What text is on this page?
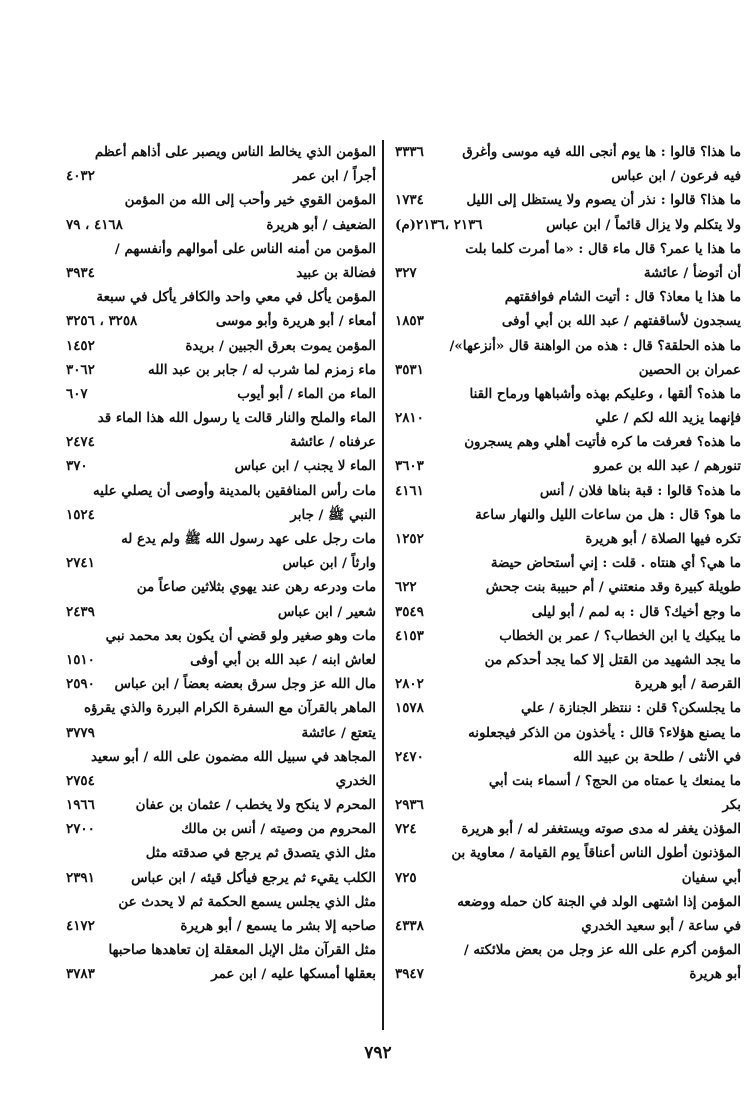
ما هذا؟ قالوا : ها يوم أنجى الله فيه موسى وأغرق
٣٣٣٦
فيه فرعون / ابن عباس
ما هذا؟ قالوا : نذر أن يصوم ولا يستظل إلى الليل
١٧٣٤
ولا يتكلم ولا يزال قائماً / ابن عباس
٢١٣٦ ،٢١٣٦(م)
ما هذا يا عمر؟ قال ماء قال : «ما أمرت كلما بلت
أن أتوضأ / عائشة
٣٢٧
ما هذا يا معاذ؟ قال : أتيت الشام فوافقتهم
يسجدون لأساقفتهم / عبد الله بن أبي أوفى
١٨٥٣
ما هذه الحلقة؟ قال : هذه من الواهنة قال «أنزعها»/
عمران بن الحصين
٣٥٣١
ما هذه؟ ألقها ، وعليكم بهذه وأشباهها ورماح القنا
فإنهما يزيد الله لكم / علي
٢٨١٠
ما هذه؟ فعرفت ما كره فأتيت أهلي وهم يسجرون
تنورهم / عبد الله بن عمرو
٣٦٠٣
ما هذه؟ قالوا : قبة بناها فلان / أنس
٤١٦١
ما هو؟ قال : هل من ساعات الليل والنهار ساعة
تكره فيها الصلاة / أبو هريرة
١٢٥٢
ما هي؟ أي هنتاه . قلت : إني أستحاض حيضة
طويلة كبيرة وقد منعتني / أم حبيبة بنت جحش
٦٢٢
ما وجع أخيك؟ قال : به لمم / أبو ليلى
٣٥٤٩
ما يبكيك يا ابن الخطاب؟ / عمر بن الخطاب
٤١٥٣
ما يجد الشهيد من القتل إلا كما يجد أحدكم من
القرصة / أبو هريرة
٢٨٠٢
ما يجلسكن؟ قلن : ننتظر الجنازة / علي
١٥٧٨
ما يصنع هؤلاء؟ قالل : يأخذون من الذكر فيجعلونه
في الأنثى / طلحة بن عبيد الله
٢٤٧٠
ما يمنعك يا عمتاه من الحج؟ / أسماء بنت أبي
بكر
٢٩٣٦
المؤذن يغفر له مدى صوته ويستغفر له / أبو هريرة
٧٢٤
المؤذنون أطول الناس أعناقاً يوم القيامة / معاوية بن
أبي سفيان
٧٢٥
المؤمن إذا اشتهى الولد في الجنة كان حمله ووضعه
في ساعة / أبو سعيد الخدري
٤٣٣٨
المؤمن أكرم على الله عز وجل من بعض ملائكته /
أبو هريرة
٣٩٤٧
المؤمن الذي يخالط الناس ويصبر على أذاهم أعظم
أجراً / ابن عمر
٤٠٣٢
المؤمن القوي خير وأحب إلى الله من المؤمن
الضعيف / أبو هريرة
٤١٦٨ ، ٧٩
المؤمن من أمنه الناس على أموالهم وأنفسهم /
فضالة بن عبيد
٣٩٣٤
المؤمن يأكل في معي واحد والكافر يأكل في سبعة
أمعاء / أبو هريرة وأبو موسى
٣٢٥٨ ، ٣٢٥٦
المؤمن يموت بعرق الجبين / بريدة
١٤٥٢
ماء زمزم لما شرب له / جابر بن عبد الله
٣٠٦٢
الماء من الماء / أبو أيوب
٦٠٧
الماء والملح والنار قالت يا رسول الله هذا الماء قد
عرفناه / عائشة
٢٤٧٤
الماء لا يجنب / ابن عباس
٣٧٠
مات رأس المنافقين بالمدينة وأوصى أن يصلي عليه
النبي ﷺ / جابر
١٥٢٤
مات رجل على عهد رسول الله ﷺ ولم يدع له
وارثاً / ابن عباس
٢٧٤١
مات ودرعه رهن عند يهوي بثلاثين صاعاً من
شعير / ابن عباس
٢٤٣٩
مات وهو صغير ولو قضي أن يكون بعد محمد نبي
لعاش ابنه / عبد الله بن أبي أوفى
١٥١٠
مال الله عز وجل سرق بعضه بعضاً / ابن عباس
٢٥٩٠
الماهر بالقرآن مع السفرة الكرام البررة والذي يقرؤه
يتعتع / عائشة
٣٧٧٩
المجاهد في سبيل الله مضمون على الله / أبو سعيد
الخدري
٢٧٥٤
المحرم لا ينكح ولا يخطب / عثمان بن عفان
١٩٦٦
المحروم من وصيته / أنس بن مالك
٢٧٠٠
مثل الذي يتصدق ثم يرجع في صدقته مثل
الكلب يقيء ثم يرجع فيأكل قيئه / ابن عباس
٢٣٩١
مثل الذي يجلس يسمع الحكمة ثم لا يحدث عن
صاحبه إلا بشر ما يسمع / أبو هريرة
٤١٧٢
مثل القرآن مثل الإبل المعقلة إن تعاهدها صاحبها
بعقلها أمسكها عليه / ابن عمر
٣٧٨٣
٧٩٢
